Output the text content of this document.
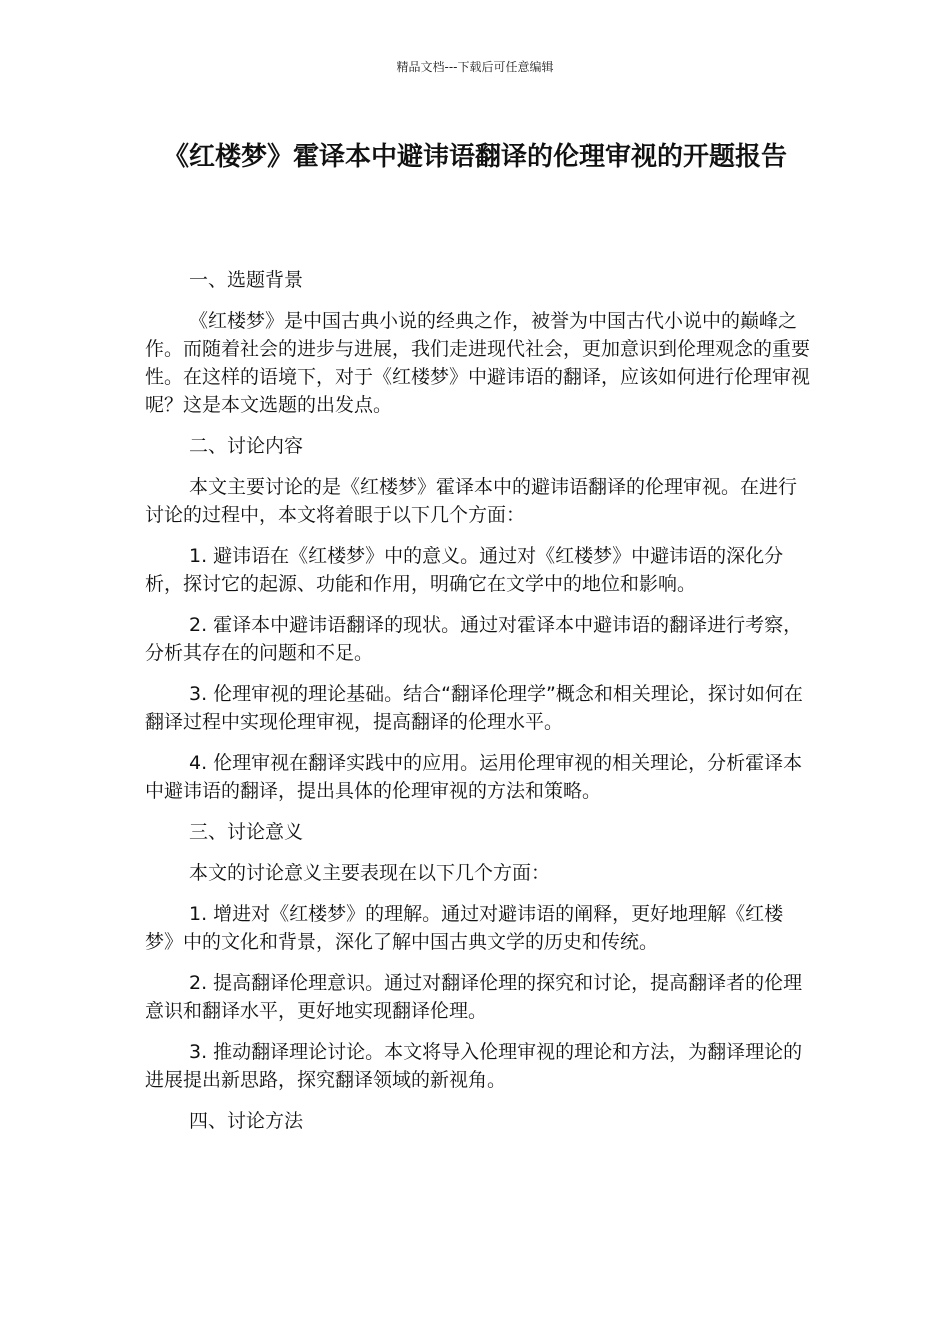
精品文档---下载后可任意编辑
《红楼梦》霍译本中避讳语翻译的伦理审视的开题报告

一、选题背景

《红楼梦》是中国古典小说的经典之作，被誉为中国古代小说中的巅峰之作。而随着社会的进步与进展，我们走进现代社会，更加意识到伦理观念的重要性。在这样的语境下，对于《红楼梦》中避讳语的翻译，应该如何进行伦理审视呢？这是本文选题的出发点。

二、讨论内容

本文主要讨论的是《红楼梦》霍译本中的避讳语翻译的伦理审视。在进行讨论的过程中，本文将着眼于以下几个方面：

1. 避讳语在《红楼梦》中的意义。通过对《红楼梦》中避讳语的深化分析，探讨它的起源、功能和作用，明确它在文学中的地位和影响。

2. 霍译本中避讳语翻译的现状。通过对霍译本中避讳语的翻译进行考察，分析其存在的问题和不足。

3. 伦理审视的理论基础。结合“翻译伦理学”概念和相关理论，探讨如何在翻译过程中实现伦理审视，提高翻译的伦理水平。

4. 伦理审视在翻译实践中的应用。运用伦理审视的相关理论，分析霍译本中避讳语的翻译，提出具体的伦理审视的方法和策略。

三、讨论意义

本文的讨论意义主要表现在以下几个方面：

1. 增进对《红楼梦》的理解。通过对避讳语的阐释，更好地理解《红楼梦》中的文化和背景，深化了解中国古典文学的历史和传统。

2. 提高翻译伦理意识。通过对翻译伦理的探究和讨论，提高翻译者的伦理意识和翻译水平，更好地实现翻译伦理。

3. 推动翻译理论讨论。本文将导入伦理审视的理论和方法，为翻译理论的进展提出新思路，探究翻译领域的新视角。

四、讨论方法
